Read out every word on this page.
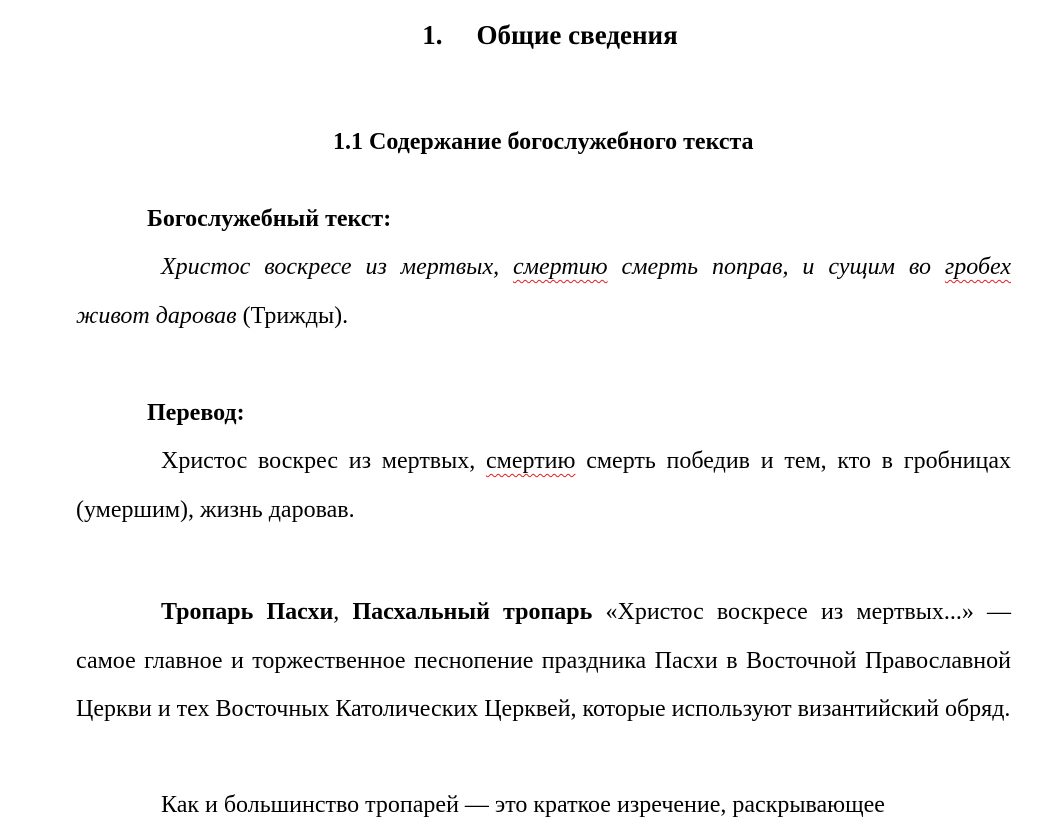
1. Общие сведения
1.1 Содержание богослужебного текста
Богослужебный текст:
Христос воскресе из мертвых, смертию смерть поправ, и сущим во гробех живот даровав (Трижды).
Перевод:
Христос воскрес из мертвых, смертию смерть победив и тем, кто в гробницах (умершим), жизнь даровав.
Тропарь Пасхи, Пасхальный тропарь «Христос воскресе из мертвых...» — самое главное и торжественное песнопение праздника Пасхи в Восточной Православной Церкви и тех Восточных Католических Церквей, которые используют византийский обряд.
Как и большинство тропарей — это краткое изречение, раскрывающее
